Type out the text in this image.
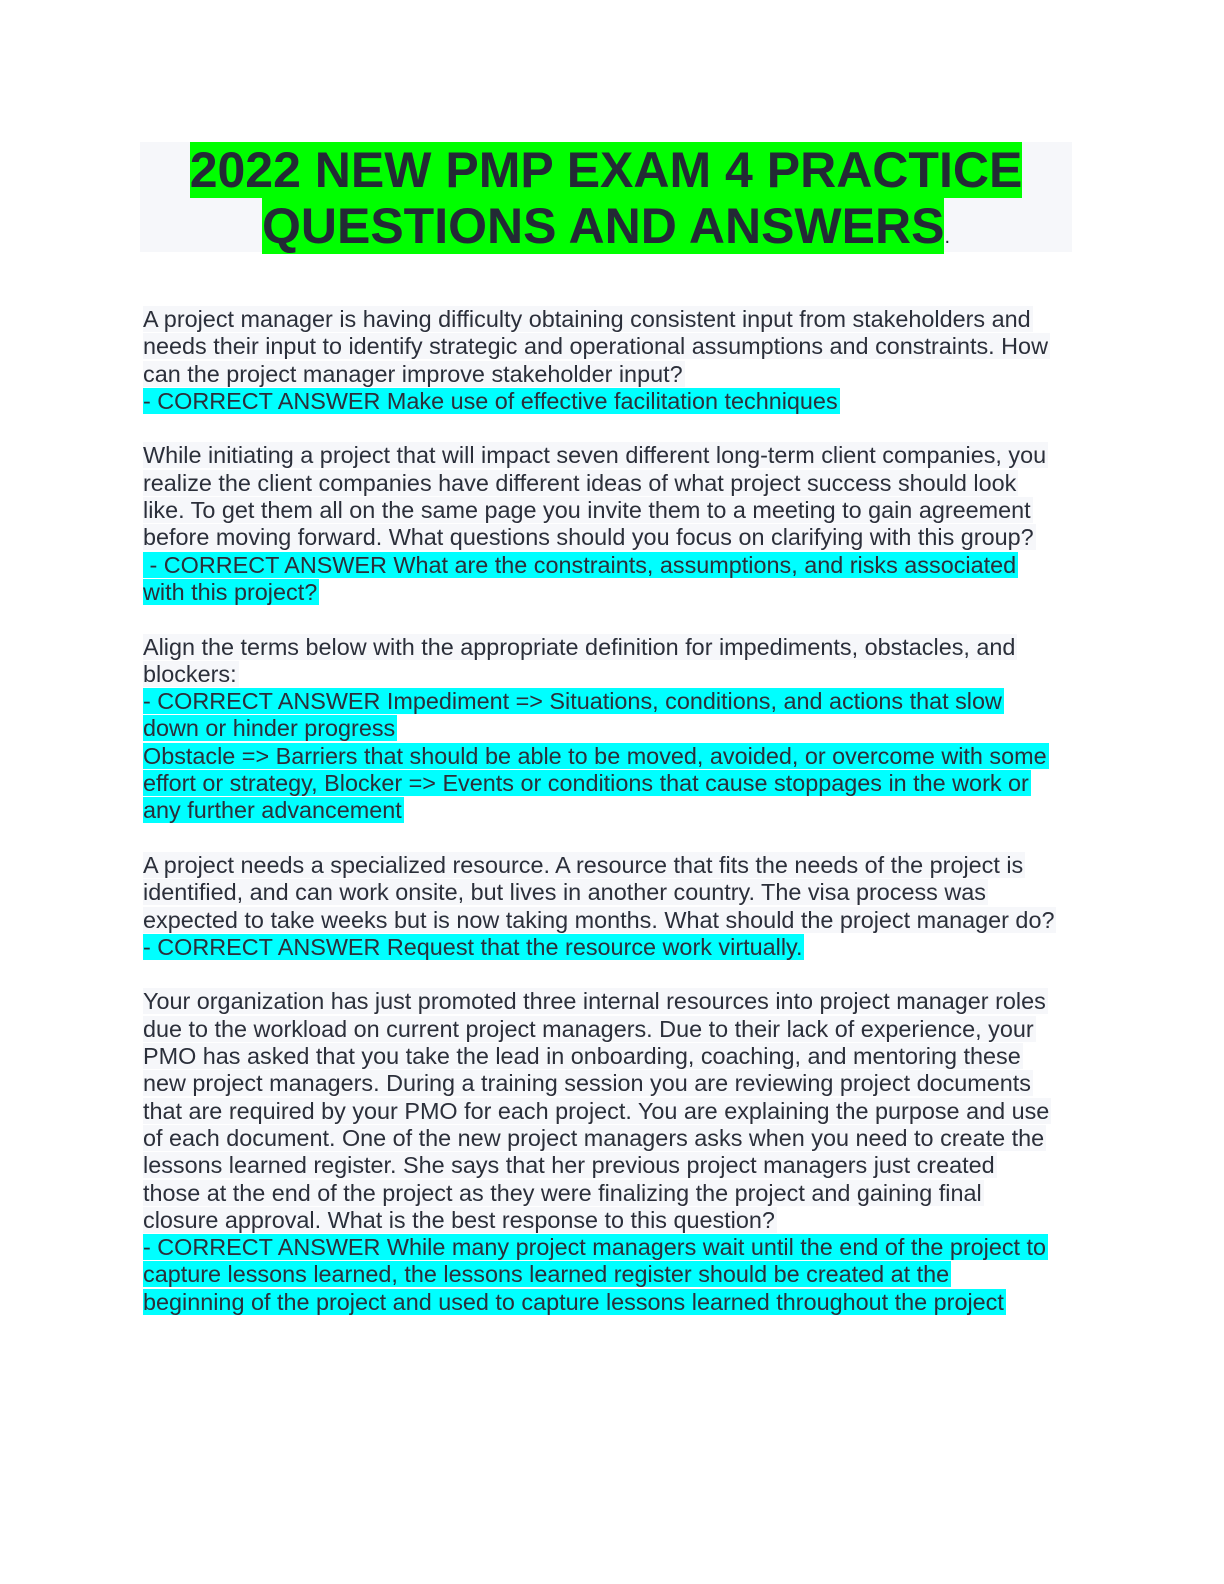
2022 NEW PMP EXAM 4 PRACTICE
QUESTIONS AND ANSWERS.
A project manager is having difficulty obtaining consistent input from stakeholders and
needs their input to identify strategic and operational assumptions and constraints. How
can the project manager improve stakeholder input?
- CORRECT ANSWER Make use of effective facilitation techniques
While initiating a project that will impact seven different long-term client companies, you
realize the client companies have different ideas of what project success should look
like. To get them all on the same page you invite them to a meeting to gain agreement
before moving forward. What questions should you focus on clarifying with this group?
- CORRECT ANSWER What are the constraints, assumptions, and risks associated
with this project?
Align the terms below with the appropriate definition for impediments, obstacles, and
blockers:
- CORRECT ANSWER Impediment => Situations, conditions, and actions that slow
down or hinder progress
Obstacle => Barriers that should be able to be moved, avoided, or overcome with some
effort or strategy, Blocker => Events or conditions that cause stoppages in the work or
any further advancement
A project needs a specialized resource. A resource that fits the needs of the project is
identified, and can work onsite, but lives in another country. The visa process was
expected to take weeks but is now taking months. What should the project manager do?
- CORRECT ANSWER Request that the resource work virtually.
Your organization has just promoted three internal resources into project manager roles
due to the workload on current project managers. Due to their lack of experience, your
PMO has asked that you take the lead in onboarding, coaching, and mentoring these
new project managers. During a training session you are reviewing project documents
that are required by your PMO for each project. You are explaining the purpose and use
of each document. One of the new project managers asks when you need to create the
lessons learned register. She says that her previous project managers just created
those at the end of the project as they were finalizing the project and gaining final
closure approval. What is the best response to this question?
- CORRECT ANSWER While many project managers wait until the end of the project to
capture lessons learned, the lessons learned register should be created at the
beginning of the project and used to capture lessons learned throughout the project
